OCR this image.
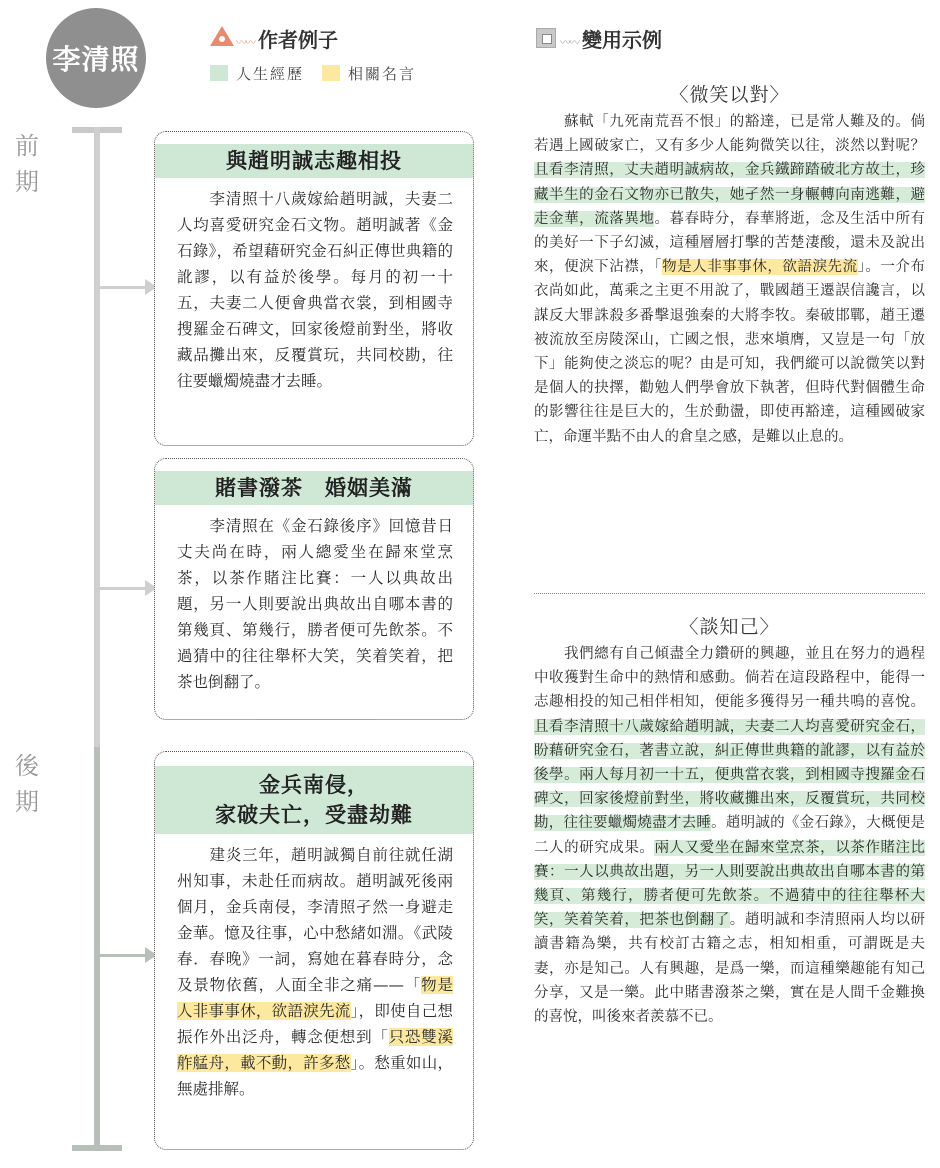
李清照
〰〰 作者例子
人生經歷	相關名言
〰〰 變用示例
前
期
後
期
與趙明誠志趣相投
　　李清照十八歲嫁給趙明誠，夫妻二人均喜愛研究金石文物。趙明誠著《金石錄》，希望藉研究金石糾正傳世典籍的訛謬，以有益於後學。每月的初一十五，夫妻二人便會典當衣裳，到相國寺搜羅金石碑文，回家後燈前對坐，將收藏品攤出來，反覆賞玩，共同校勘，往往要蠟燭燒盡才去睡。
賭書潑茶　婚姻美滿
　　李清照在《金石錄後序》回憶昔日丈夫尚在時，兩人總愛坐在歸來堂烹茶，以茶作賭注比賽：一人以典故出題，另一人則要說出典故出自哪本書的第幾頁、第幾行，勝者便可先飲茶。不過猜中的往往舉杯大笑，笑着笑着，把茶也倒翻了。
金兵南侵，
家破夫亡，受盡劫難
　　建炎三年，趙明誠獨自前往就任湖州知事，未赴任而病故。趙明誠死後兩個月，金兵南侵，李清照孑然一身避走金華。憶及往事，心中愁緒如淵。《武陵春．春晚》一詞，寫她在暮春時分，念及景物依舊，人面全非之痛——「物是人非事事休，欲語淚先流」，即使自己想振作外出泛舟，轉念便想到「只恐雙溪舴艋舟，載不動，許多愁」。愁重如山，無處排解。
〈微笑以對〉
　　蘇軾「九死南荒吾不恨」的豁達，已是常人難及的。倘若遇上國破家亡，又有多少人能夠微笑以往，淡然以對呢？且看李清照，丈夫趙明誠病故，金兵鐵蹄踏破北方故土，珍藏半生的金石文物亦已散失，她孑然一身輾轉向南逃難，避走金華，流落異地。暮春時分，春華將逝，念及生活中所有的美好一下子幻滅，這種層層打擊的苦楚淒酸，還未及說出來，便淚下沾襟，「物是人非事事休，欲語淚先流」。一介布衣尚如此，萬乘之主更不用說了，戰國趙王遷誤信讒言，以謀反大罪誅殺多番擊退強秦的大將李牧。秦破邯鄲，趙王遷被流放至房陵深山，亡國之恨，悲來塡膺，又豈是一句「放下」能夠使之淡忘的呢？由是可知，我們縱可以說微笑以對是個人的抉擇，勸勉人們學會放下執著，但時代對個體生命的影響往往是巨大的，生於動盪，即使再豁達，這種國破家亡，命運半點不由人的倉皇之感，是難以止息的。
〈談知己〉
　　我們總有自己傾盡全力鑽研的興趣，並且在努力的過程中收獲對生命中的熱情和感動。倘若在這段路程中，能得一志趣相投的知己相伴相知，便能多獲得另一種共鳴的喜悅。且看李清照十八歲嫁給趙明誠，夫妻二人均喜愛研究金石，盼藉研究金石，著書立說，糾正傳世典籍的訛謬，以有益於後學。兩人每月初一十五，便典當衣裳，到相國寺搜羅金石碑文，回家後燈前對坐，將收藏攤出來，反覆賞玩，共同校勘，往往要蠟燭燒盡才去睡。趙明誠的《金石錄》，大概便是二人的研究成果。兩人又愛坐在歸來堂烹茶，以茶作賭注比賽：一人以典故出題，另一人則要說出典故出自哪本書的第幾頁、第幾行，勝者便可先飲茶。不過猜中的往往舉杯大笑，笑着笑着，把茶也倒翻了。趙明誠和李清照兩人均以研讀書籍為樂，共有校訂古籍之志，相知相重，可謂既是夫妻，亦是知己。人有興趣，是爲一樂，而這種樂趣能有知己分享，又是一樂。此中賭書潑茶之樂，實在是人間千金難換的喜悅，叫後來者羨慕不已。
